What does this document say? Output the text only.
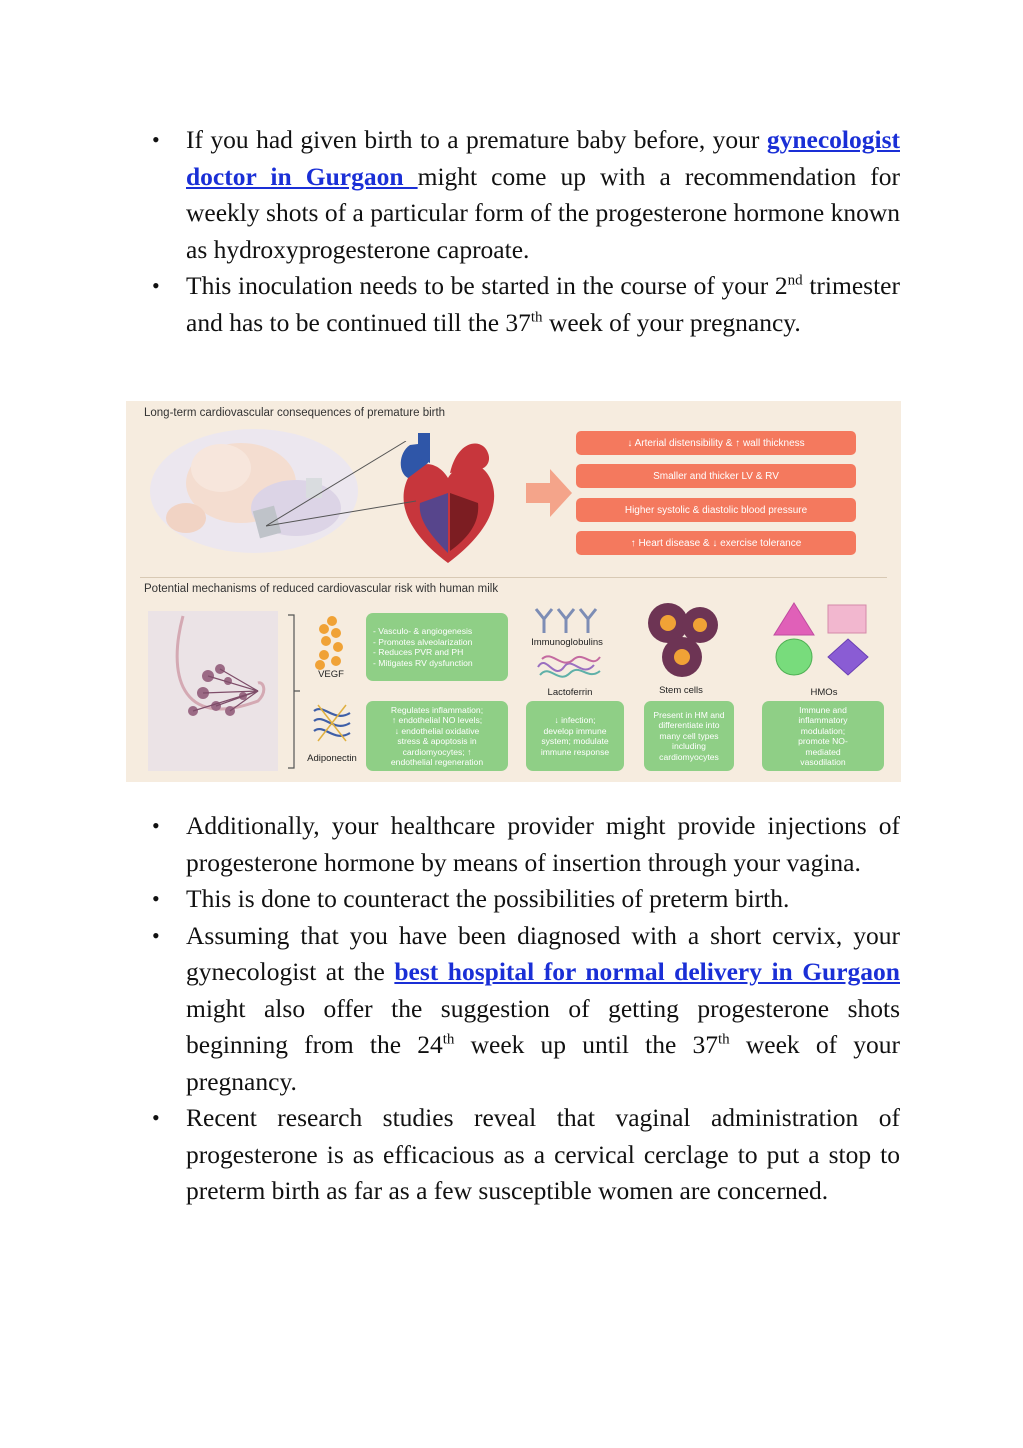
• If you had given birth to a premature baby before, your gynecologist doctor in Gurgaon might come up with a recommendation for weekly shots of a particular form of the progesterone hormone known as hydroxyprogesterone caproate.
• This inoculation needs to be started in the course of your 2nd trimester and has to be continued till the 37th week of your pregnancy.
Long-term cardiovascular consequences of premature birth
↓ Arterial distensibility & ↑ wall thickness
Smaller and thicker LV & RV
Higher systolic & diastolic blood pressure
↑ Heart disease & ↓ exercise tolerance
Potential mechanisms of reduced cardiovascular risk with human milk
VEGF
- Vasculo- & angiogenesis
- Promotes alveolarization
- Reduces PVR and PH
- Mitigates RV dysfunction
Adiponectin
Regulates inflammation;
↑ endothelial NO levels;
↓ endothelial oxidative
stress & apoptosis in
cardiomyocytes; ↑
endothelial regeneration
Immunoglobulins
Lactoferrin
↓ infection;
develop immune
system; modulate
immune response
Stem cells
Present in HM and
differentiate into
many cell types
including
cardiomyocytes
HMOs
Immune and
inflammatory
modulation;
promote NO-
mediated
vasodilation
• Additionally, your healthcare provider might provide injections of progesterone hormone by means of insertion through your vagina.
• This is done to counteract the possibilities of preterm birth.
• Assuming that you have been diagnosed with a short cervix, your gynecologist at the best hospital for normal delivery in Gurgaon might also offer the suggestion of getting progesterone shots beginning from the 24th week up until the 37th week of your pregnancy.
• Recent research studies reveal that vaginal administration of progesterone is as efficacious as a cervical cerclage to put a stop to preterm birth as far as a few susceptible women are concerned.
